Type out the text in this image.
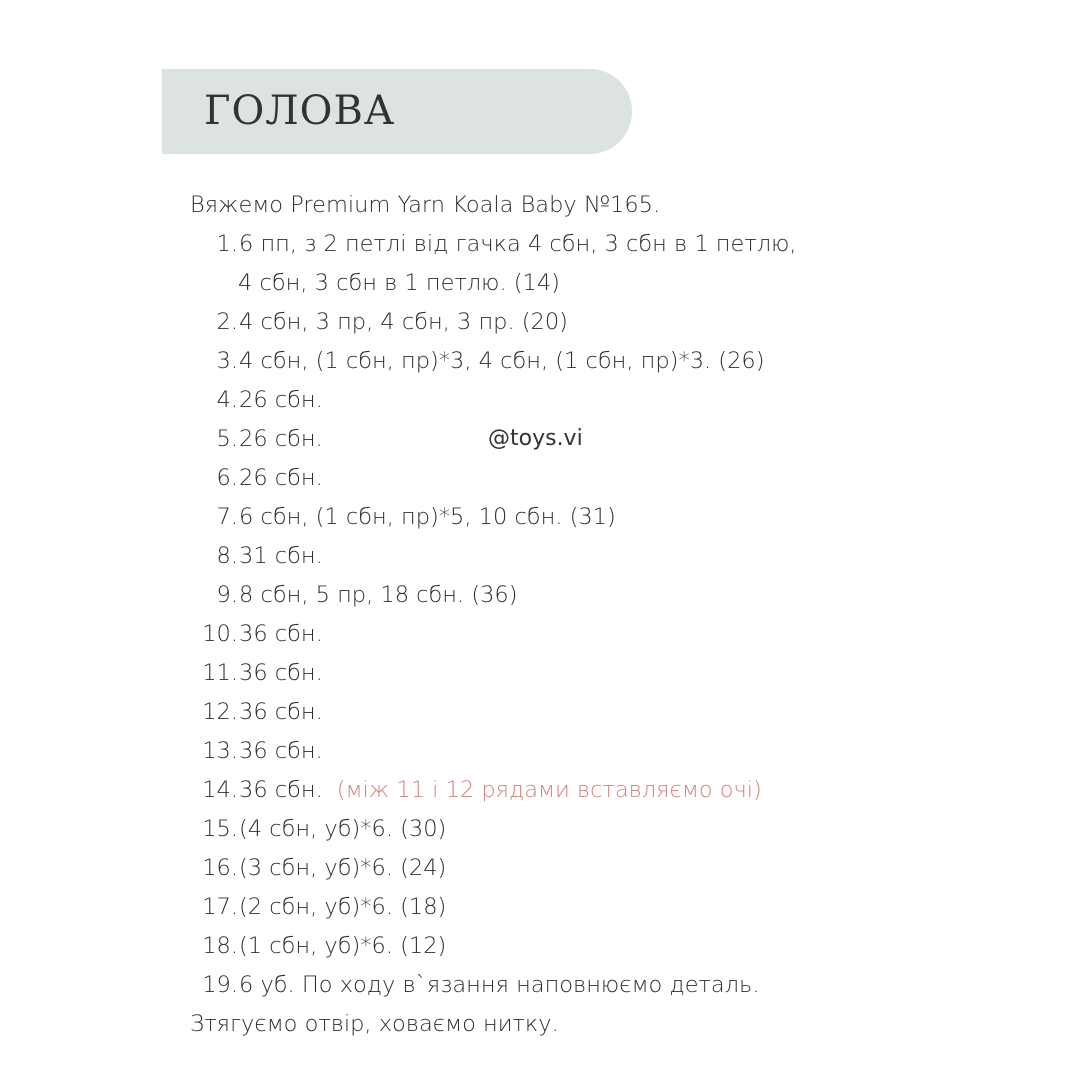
ГОЛОВА
@toys.vi
Вяжемо Premium Yarn Koala Baby №165.
1. 6 пп, з 2 петлі від гачка 4 сбн, 3 сбн в 1 петлю,
4 сбн, 3 сбн в 1 петлю. (14)
2. 4 сбн, 3 пр, 4 сбн, 3 пр. (20)
3. 4 сбн, (1 сбн, пр)*3, 4 сбн, (1 сбн, пр)*3. (26)
4. 26 сбн.
5. 26 сбн.
6. 26 сбн.
7. 6 сбн, (1 сбн, пр)*5, 10 сбн. (31)
8. 31 сбн.
9. 8 сбн, 5 пр, 18 сбн. (36)
10. 36 сбн.
11. 36 сбн.
12. 36 сбн.
13. 36 сбн.
14. 36 сбн. (між 11 і 12 рядами вставляємо очі)
15. (4 сбн, уб)*6. (30)
16. (3 сбн, уб)*6. (24)
17. (2 сбн, уб)*6. (18)
18. (1 сбн, уб)*6. (12)
19. 6 уб. По ходу в`язання наповнюємо деталь.
Зтягуємо отвір, ховаємо нитку.
